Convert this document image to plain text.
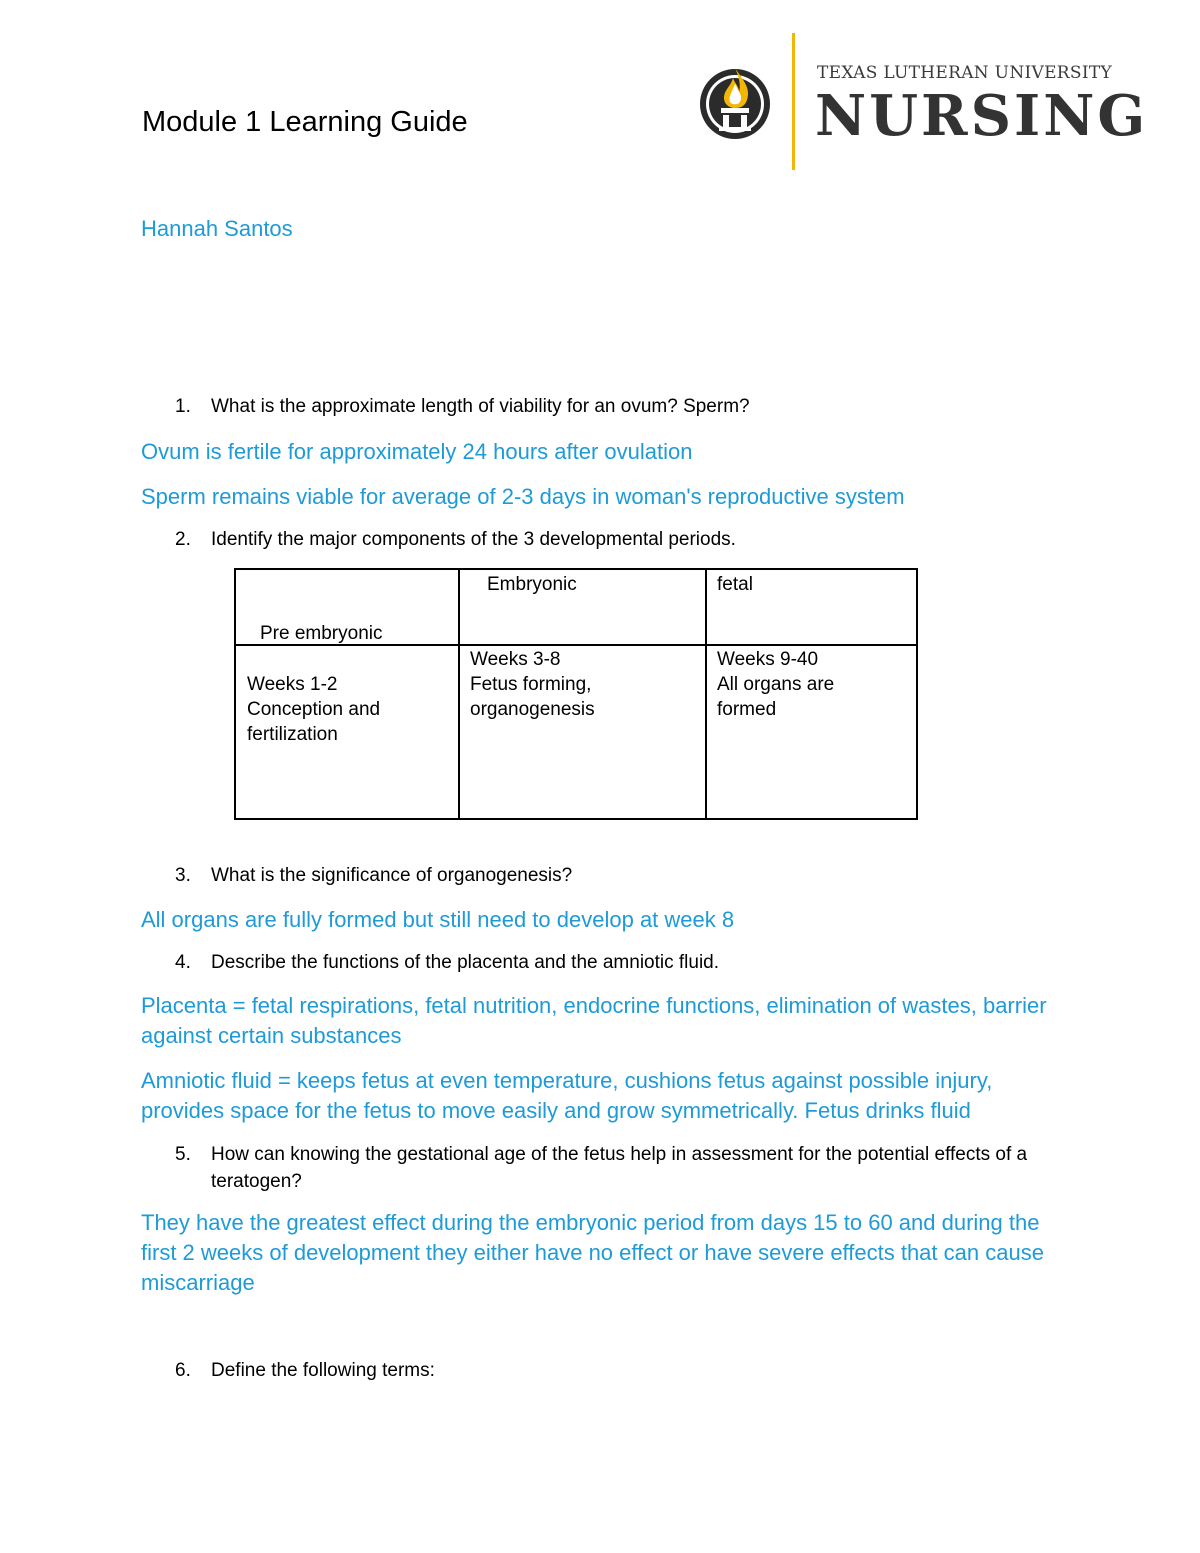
Module 1 Learning Guide
Hannah Santos
TEXAS LUTHERAN UNIVERSITY
NURSING
1. What is the approximate length of viability for an ovum? Sperm?
Ovum is fertile for approximately 24 hours after ovulation
Sperm remains viable for average of 2-3 days in woman's reproductive system
2. Identify the major components of the 3 developmental periods.
Pre embryonic
Embryonic	fetal
Weeks 1-2
Conception and
fertilization
Weeks 3-8
Fetus forming,
organogenesis
Weeks 9-40
All organs are
formed
3. What is the significance of organogenesis?
All organs are fully formed but still need to develop at week 8
4. Describe the functions of the placenta and the amniotic fluid.
Placenta = fetal respirations, fetal nutrition, endocrine functions, elimination of wastes, barrier against certain substances
Amniotic fluid = keeps fetus at even temperature, cushions fetus against possible injury, provides space for the fetus to move easily and grow symmetrically. Fetus drinks fluid
5. How can knowing the gestational age of the fetus help in assessment for the potential effects of a teratogen?
They have the greatest effect during the embryonic period from days 15 to 60 and during the first 2 weeks of development they either have no effect or have severe effects that can cause miscarriage
6. Define the following terms:
